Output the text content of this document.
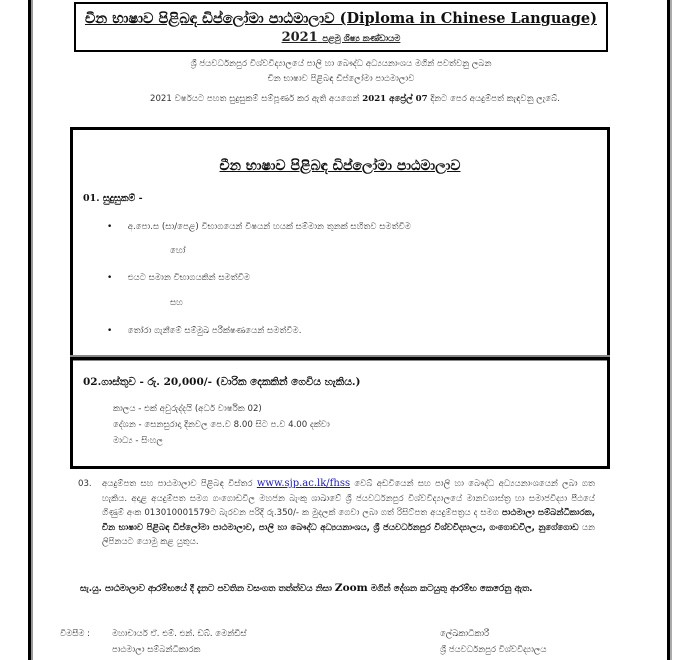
චීන භාෂාව පිළිබඳ ඩිප්ලෝමා පාඨමාලාව (Diploma in Chinese Language)
2021 පළමු ශිෂ්‍ය කණ්ඩායම
ශ්‍රී ජයවර්ධනපුර විශ්වවිද්‍යාලයේ පාලි හා බෞද්ධ අධ්‍යයනාංශය මගින් පවත්වනු ලබන
චීන භාෂාව පිළිබඳ ඩිප්ලෝමා පාඨමාලාව
2021 වර්ෂයට පහත සුදුසුකම් සම්පූර්ණ කර ඇති අයගෙන් 2021 අප්‍රේල් 07 දිනට පෙර අයදුම්පත් කැඳවනු ලැබේ.
චීන භාෂාව පිළිබඳ ඩිප්ලෝමා පාඨමාලාව
01. සුදුසුකම් -
• අ.පො.ස (සා/පෙළ) විභාගයෙන් විෂයන් හයක් සම්මාන තුනක් සහිතව සමත්වීම
හෝ
• එයට සමාන විභාගයකින් සමත්වීම
සහ
• තෝරා ගැනීමේ සම්මුඛ පරීක්ෂණයෙන් සමත්වීම.
02.ගාස්තුව - රු. 20,000/- (වාරික දෙකකින් ගෙවිය හැකිය.)
කාලය - එක් අවුරුද්දයි (අර්ධ වාර්ෂික 02)
දේශන - සෙනසුරාදා දිනවල පෙ.ව 8.00 සිට ප.ව 4.00 දක්වා
මාධ්‍ය - සිංහල
03. අයදුම්පත සහ පාඨමාලාව පිළිබඳ විස්තර www.sjp.ac.lk/fhss වෙබ් අඩවියෙන් සහ පාලි හා බෞද්ධ අධ්‍යයනාංශයෙන් ලබා ගත හැකිය. අදාළ අයදුම්පත සමග ගංගොඩවිල මහජන බැංකු ශාඛාවේ ශ්‍රී ජයවර්ධනපුර විශ්වවිද්‍යාලයේ මානවශාස්ත්‍ර හා සමාජවිද්‍යා පීඨයේ ගිණුම් අංක 013010001579ට බැරවන පරිදි රු.350/- ක මුදලක් ගෙවා ලබා ගත් රිසිට්පත අයදුම්පත්‍රය ද සමග පාඨමාලා සම්බන්ධීකාරක, චීන භාෂාව පිළිබඳ ඩිප්ලෝමා පාඨමාලාව, පාලි හා බෞද්ධ අධ්‍යයනාංශය, ශ්‍රී ජයවර්ධනපුර විශ්වවිද්‍යාලය, ගංගොඩවිල, නුගේගොඩ යන ලිපිනයට යොමු කළ යුතුය.
සැ.යු. පාඨමාලාව ආරම්භයේ දී දැනට පවතින වසංගත තත්ත්වය නිසා Zoom මගින් දේශන කටයුතු ආරම්භ කෙරෙනු ඇත.
විමසීම :	මහාචාර්ය ඒ. එම්. එන්. ඩබ්. මෙන්ඩිස්
පාඨමාලා සම්බන්ධීකාරක
ලේඛකාධිකාරී
ශ්‍රී ජයවර්ධනපුර විශ්වවිද්‍යාලය
